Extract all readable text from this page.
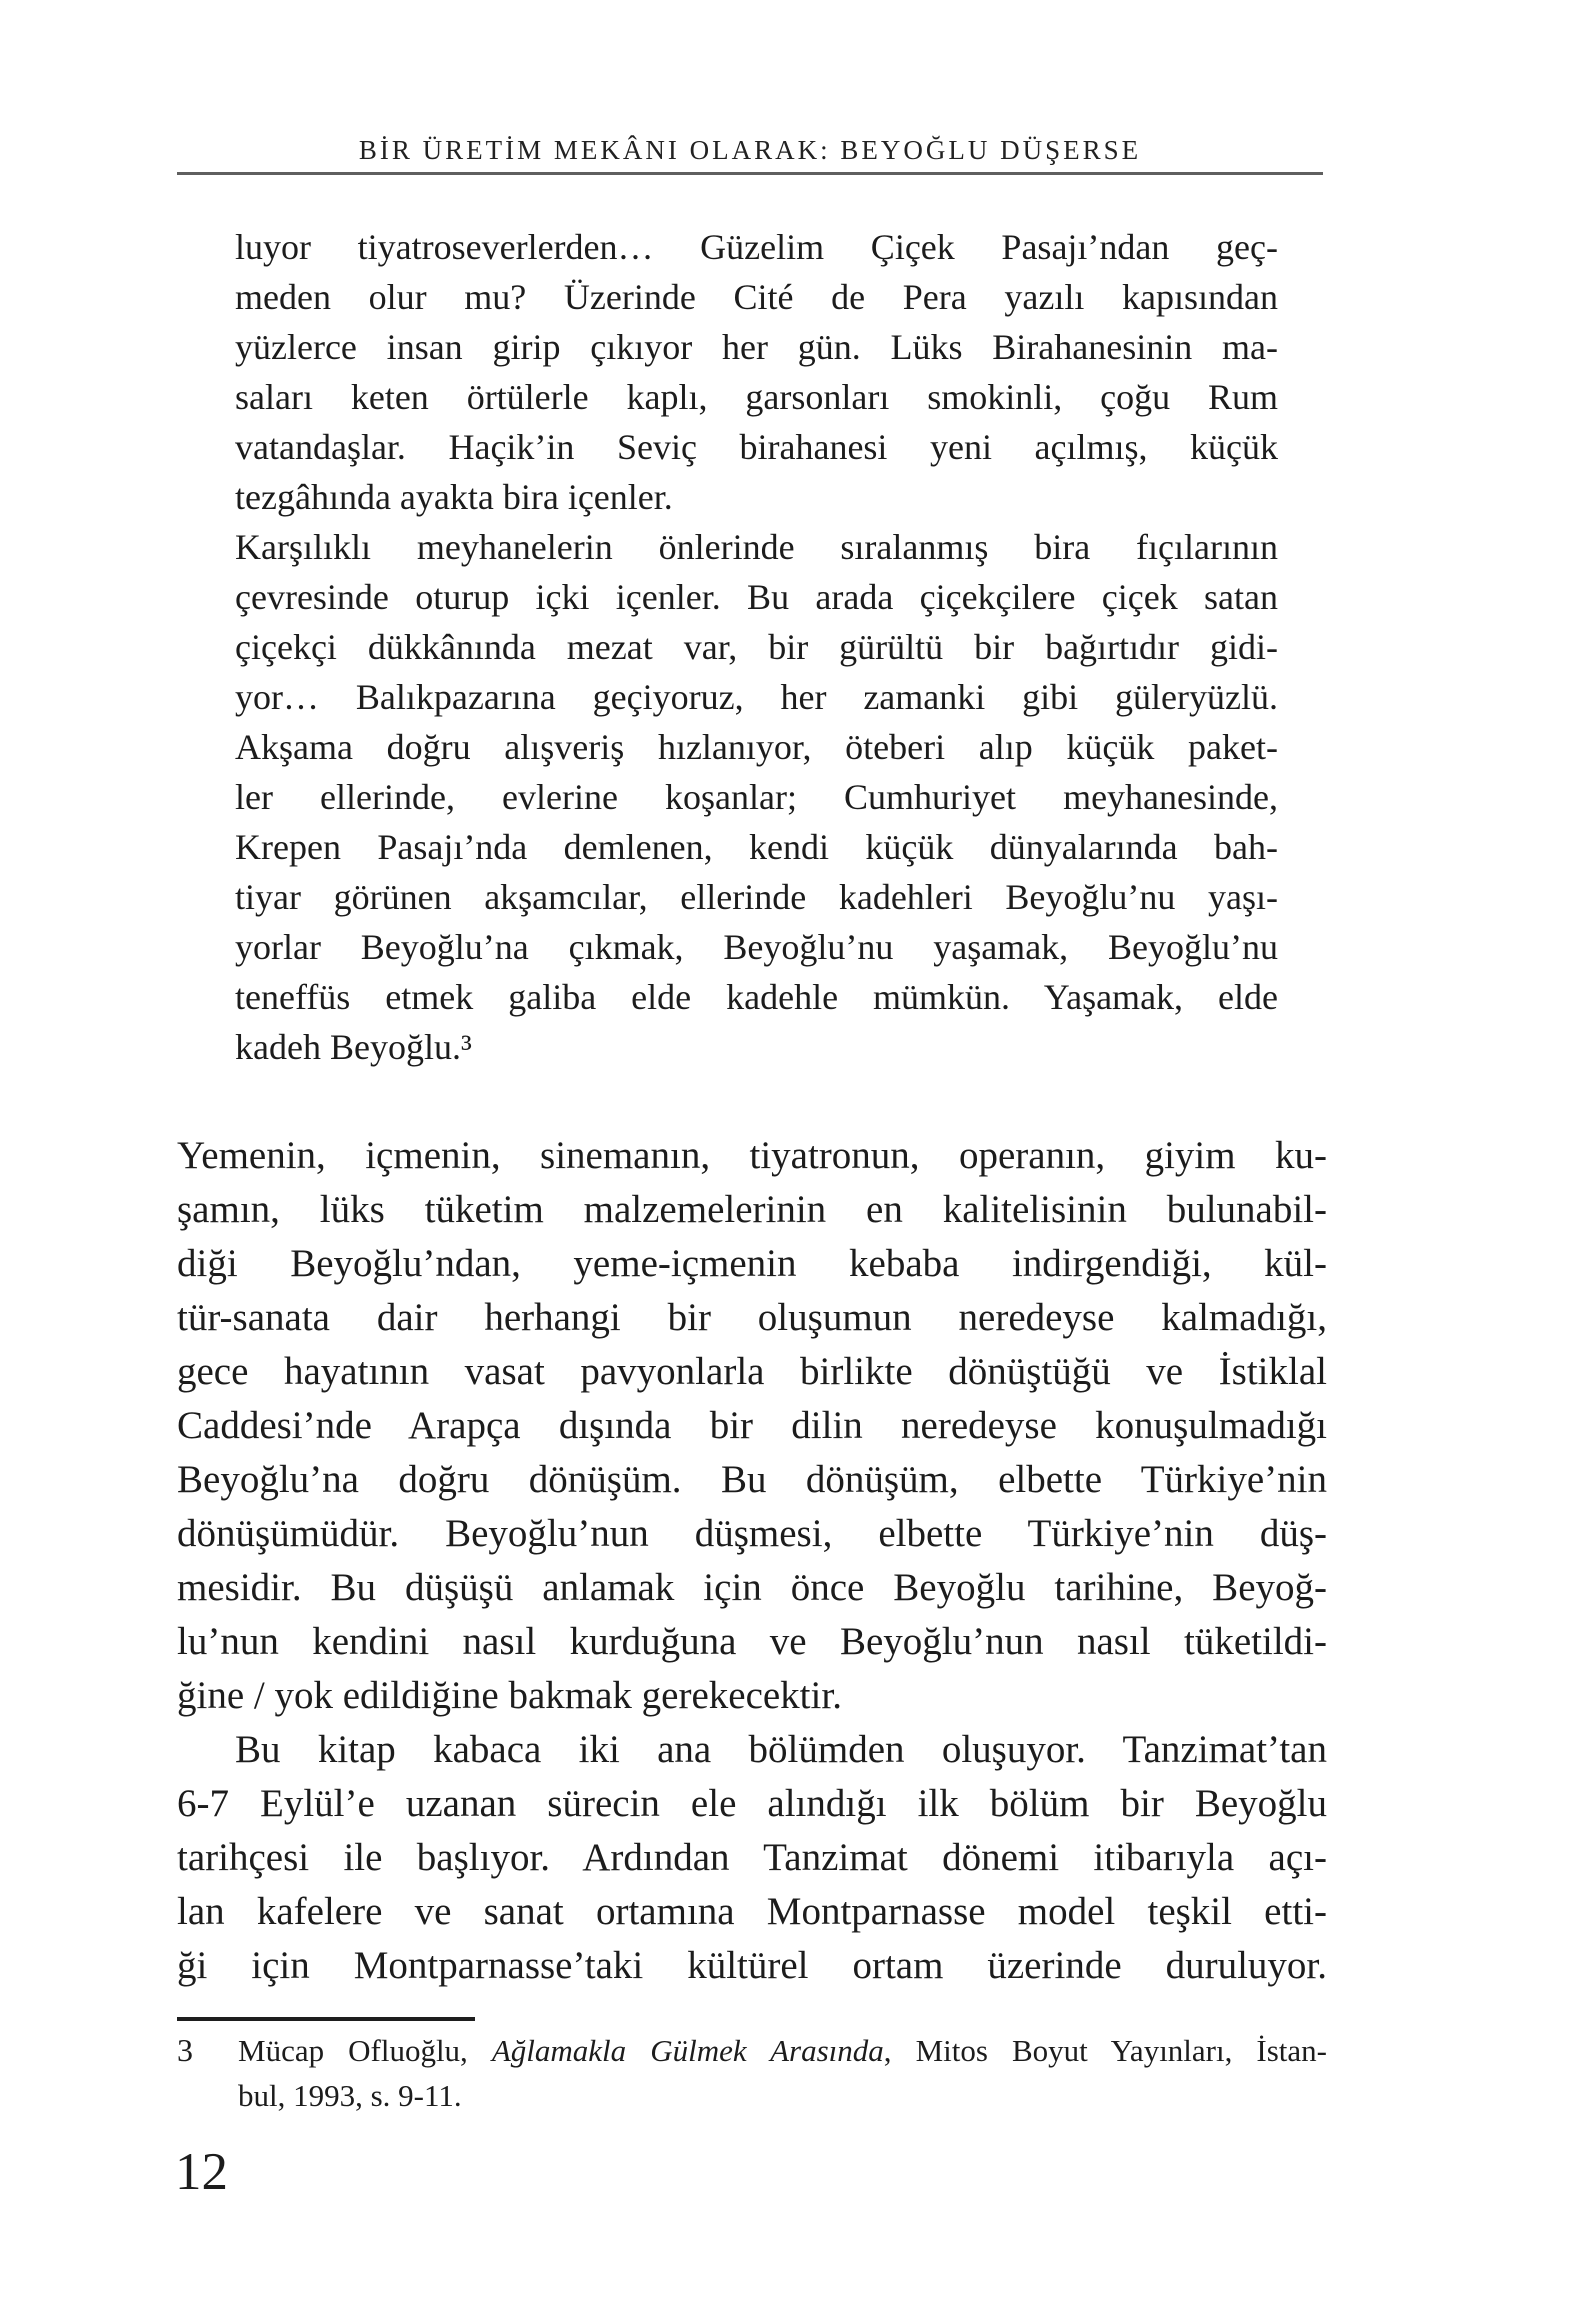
BİR ÜRETİM MEKÂNI OLARAK: BEYOĞLU DÜŞERSE
luyor tiyatroseverlerden… Güzelim Çiçek Pasajı’ndan geç-
meden olur mu? Üzerinde Cité de Pera yazılı kapısından
yüzlerce insan girip çıkıyor her gün. Lüks Birahanesinin ma-
saları keten örtülerle kaplı, garsonları smokinli, çoğu Rum
vatandaşlar. Haçik’in Seviç birahanesi yeni açılmış, küçük
tezgâhında ayakta bira içenler.
Karşılıklı meyhanelerin önlerinde sıralanmış bira fıçılarının
çevresinde oturup içki içenler. Bu arada çiçekçilere çiçek satan
çiçekçi dükkânında mezat var, bir gürültü bir bağırtıdır gidi-
yor… Balıkpazarına geçiyoruz, her zamanki gibi güleryüzlü.
Akşama doğru alışveriş hızlanıyor, öteberi alıp küçük paket-
ler ellerinde, evlerine koşanlar; Cumhuriyet meyhanesinde,
Krepen Pasajı’nda demlenen, kendi küçük dünyalarında bah-
tiyar görünen akşamcılar, ellerinde kadehleri Beyoğlu’nu yaşı-
yorlar Beyoğlu’na çıkmak, Beyoğlu’nu yaşamak, Beyoğlu’nu
teneffüs etmek galiba elde kadehle mümkün. Yaşamak, elde
kadeh Beyoğlu.³
Yemenin, içmenin, sinemanın, tiyatronun, operanın, giyim ku-
şamın, lüks tüketim malzemelerinin en kalitelisinin bulunabil-
diği Beyoğlu’ndan, yeme-içmenin kebaba indirgendiği, kül-
tür-sanata dair herhangi bir oluşumun neredeyse kalmadığı,
gece hayatının vasat pavyonlarla birlikte dönüştüğü ve İstiklal
Caddesi’nde Arapça dışında bir dilin neredeyse konuşulmadığı
Beyoğlu’na doğru dönüşüm. Bu dönüşüm, elbette Türkiye’nin
dönüşümüdür. Beyoğlu’nun düşmesi, elbette Türkiye’nin düş-
mesidir. Bu düşüşü anlamak için önce Beyoğlu tarihine, Beyoğ-
lu’nun kendini nasıl kurduğuna ve Beyoğlu’nun nasıl tüketildi-
ğine / yok edildiğine bakmak gerekecektir.
Bu kitap kabaca iki ana bölümden oluşuyor. Tanzimat’tan
6-7 Eylül’e uzanan sürecin ele alındığı ilk bölüm bir Beyoğlu
tarihçesi ile başlıyor. Ardından Tanzimat dönemi itibarıyla açı-
lan kafelere ve sanat ortamına Montparnasse model teşkil etti-
ği için Montparnasse’taki kültürel ortam üzerinde duruluyor.
3 Mücap Ofluoğlu, Ağlamakla Gülmek Arasında, Mitos Boyut Yayınları, İstan-
bul, 1993, s. 9-11.
12
